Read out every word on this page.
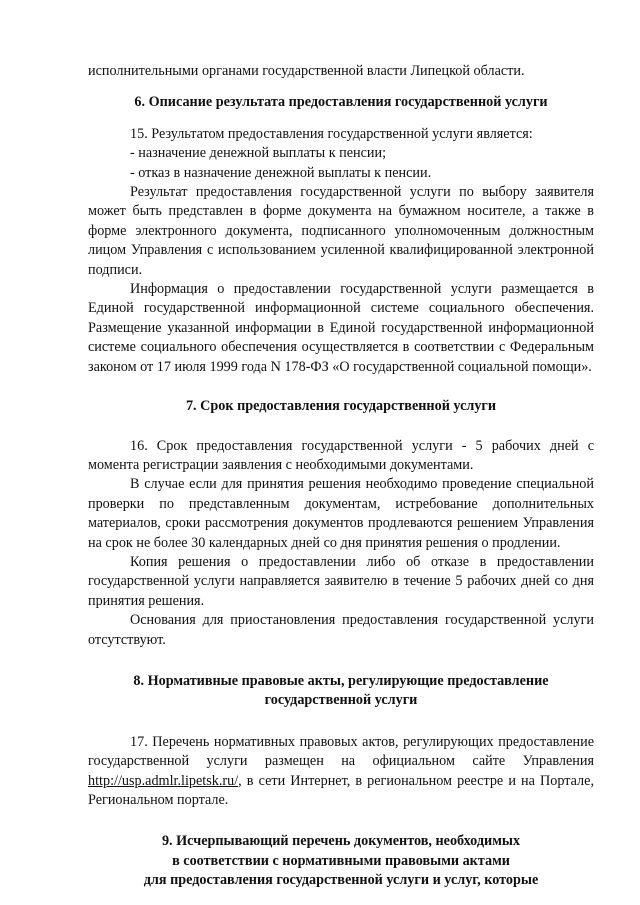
исполнительными органами государственной власти Липецкой области.

6. Описание результата предоставления государственной услуги

15. Результатом предоставления государственной услуги является:

- назначение денежной выплаты к пенсии;

- отказ в назначение денежной выплаты к пенсии.

Результат предоставления государственной услуги по выбору заявителя может быть представлен в форме документа на бумажном носителе, а также в форме электронного документа, подписанного уполномоченным должностным лицом Управления с использованием усиленной квалифицированной электронной подписи.

Информация о предоставлении государственной услуги размещается в Единой государственной информационной системе социального обеспечения. Размещение указанной информации в Единой государственной информационной системе социального обеспечения осуществляется в соответствии с Федеральным законом от 17 июля 1999 года N 178-ФЗ «О государственной социальной помощи».

7. Срок предоставления государственной услуги

16. Срок предоставления государственной услуги - 5 рабочих дней с момента регистрации заявления с необходимыми документами.

В случае если для принятия решения необходимо проведение специальной проверки по представленным документам, истребование дополнительных материалов, сроки рассмотрения документов продлеваются решением Управления на срок не более 30 календарных дней со дня принятия решения о продлении.

Копия решения о предоставлении либо об отказе в предоставлении государственной услуги направляется заявителю в течение 5 рабочих дней со дня принятия решения.

Основания для приостановления предоставления государственной услуги отсутствуют.

8. Нормативные правовые акты, регулирующие предоставление

государственной услуги

17. Перечень нормативных правовых актов, регулирующих предоставление государственной услуги размещен на официальном сайте Управления http://usp.admlr.lipetsk.ru/, в сети Интернет, в региональном реестре и на Портале, Региональном портале.

9. Исчерпывающий перечень документов, необходимых

в соответствии с нормативными правовыми актами

для предоставления государственной услуги и услуг, которые
